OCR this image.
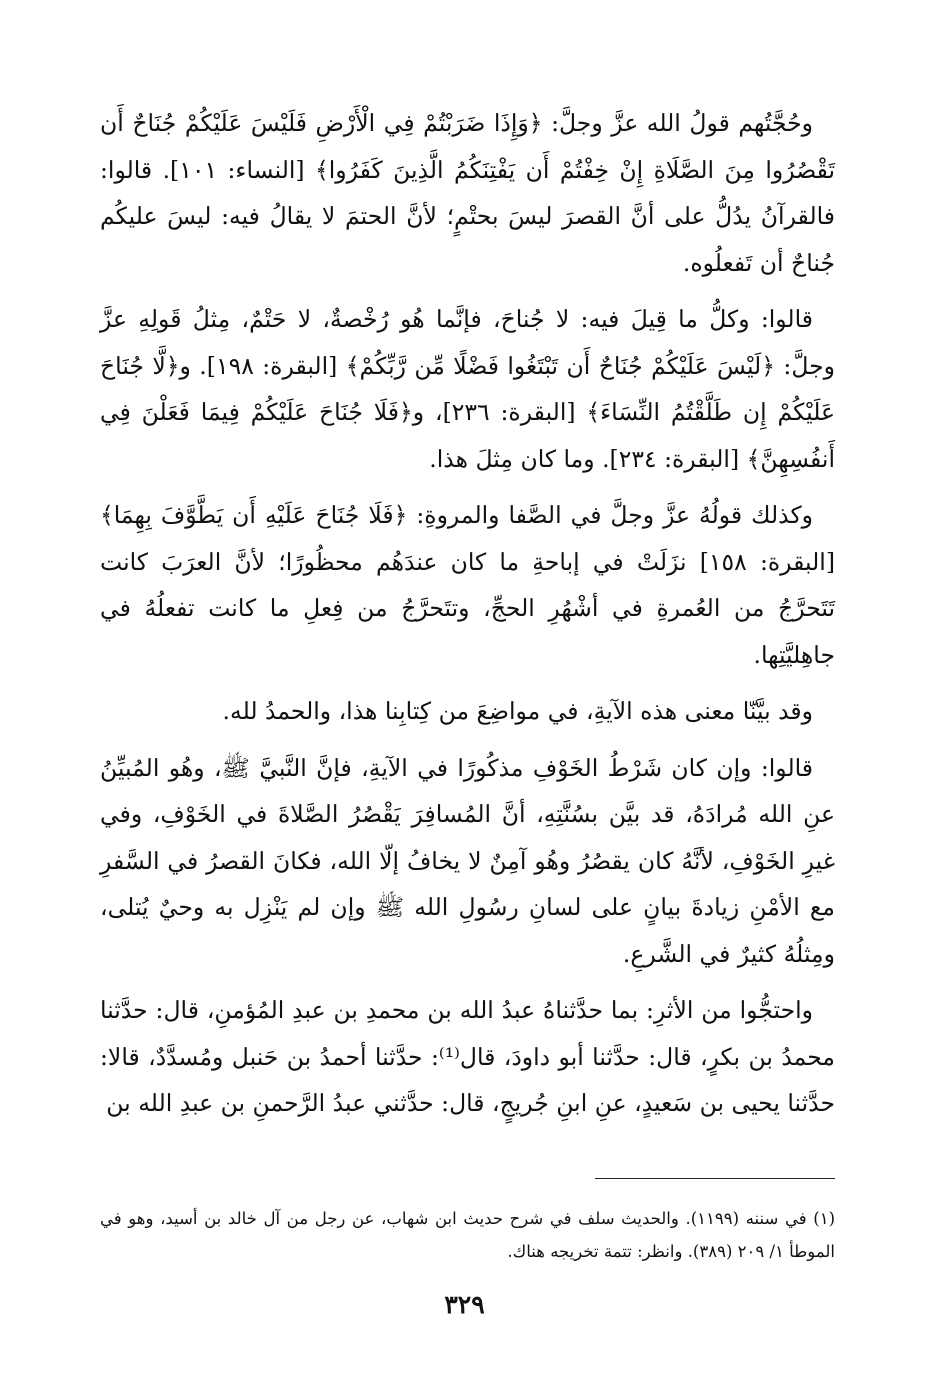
وحُجَّتُهم قولُ الله عزَّ وجلَّ: ﴿وَإِذَا ضَرَبْتُمْ فِي الْأَرْضِ فَلَيْسَ عَلَيْكُمْ جُنَاحٌ أَن تَقْصُرُوا مِنَ الصَّلَاةِ إِنْ خِفْتُمْ أَن يَفْتِنَكُمُ الَّذِينَ كَفَرُوا﴾ [النساء: ١٠١]. قالوا: فالقرآنُ يدُلُّ على أنَّ القصرَ ليسَ بحتْمٍ؛ لأنَّ الحتمَ لا يقالُ فيه: ليسَ عليكُم جُناحٌ أن تَفعلُوه.

قالوا: وكلُّ ما قِيلَ فيه: لا جُناحَ، فإنَّما هُو رُخْصةٌ، لا حَتْمٌ، مِثلُ قَولِهِ عزَّ وجلَّ: ﴿لَيْسَ عَلَيْكُمْ جُنَاحٌ أَن تَبْتَغُوا فَضْلًا مِّن رَّبِّكُمْ﴾ [البقرة: ١٩٨]. و﴿لَّا جُنَاحَ عَلَيْكُمْ إِن طَلَّقْتُمُ النِّسَاءَ﴾ [البقرة: ٢٣٦]، و﴿فَلَا جُنَاحَ عَلَيْكُمْ فِيمَا فَعَلْنَ فِي أَنفُسِهِنَّ﴾ [البقرة: ٢٣٤]. وما كان مِثلَ هذا.

وكذلك قولُهُ عزَّ وجلَّ في الصَّفا والمروةِ: ﴿فَلَا جُنَاحَ عَلَيْهِ أَن يَطَّوَّفَ بِهِمَا﴾ [البقرة: ١٥٨] نزَلَتْ في إباحةِ ما كان عندَهُم محظُورًا؛ لأنَّ العرَبَ كانت تَتَحرَّجُ من العُمرةِ في أشْهُرِ الحجِّ، وتتَحرَّجُ من فِعلِ ما كانت تفعلُهُ في جاهِليَّتِها.

وقد بيَّنّا معنى هذه الآيةِ، في مواضِعَ من كِتابِنا هذا، والحمدُ لله.

قالوا: وإن كان شَرْطُ الخَوْفِ مذكُورًا في الآيةِ، فإنَّ النَّبيَّ ﷺ، وهُو المُبيِّنُ عنِ الله مُرادَهُ، قد بيَّن بسُنَّتِهِ، أنَّ المُسافِرَ يَقْصُرُ الصَّلاةَ في الخَوْفِ، وفي غيرِ الخَوْفِ، لأنَّهُ كان يقصُرُ وهُو آمِنٌ لا يخافُ إلّا الله، فكانَ القصرُ في السَّفرِ مع الأمْنِ زيادةَ بيانٍ على لسانِ رسُولِ الله ﷺ وإن لم يَنْزِل به وحيٌ يُتلى، ومِثلُهُ كثيرٌ في الشَّرعِ.

واحتجُّوا من الأثرِ: بما حدَّثناهُ عبدُ الله بن محمدِ بن عبدِ المُؤمنِ، قال: حدَّثنا محمدُ بن بكرٍ، قال: حدَّثنا أبو داودَ، قال⁽¹⁾: حدَّثنا أحمدُ بن حَنبل ومُسدَّدٌ، قالا: حدَّثنا يحيى بن سَعيدٍ، عنِ ابنِ جُريجٍ، قال: حدَّثني عبدُ الرَّحمنِ بن عبدِ الله بن

(١) في سننه (١١٩٩). والحديث سلف في شرح حديث ابن شهاب، عن رجل من آل خالد بن أسيد، وهو في الموطأ ١/ ٢٠٩ (٣٨٩). وانظر: تتمة تخريجه هناك.

٣٢٩
